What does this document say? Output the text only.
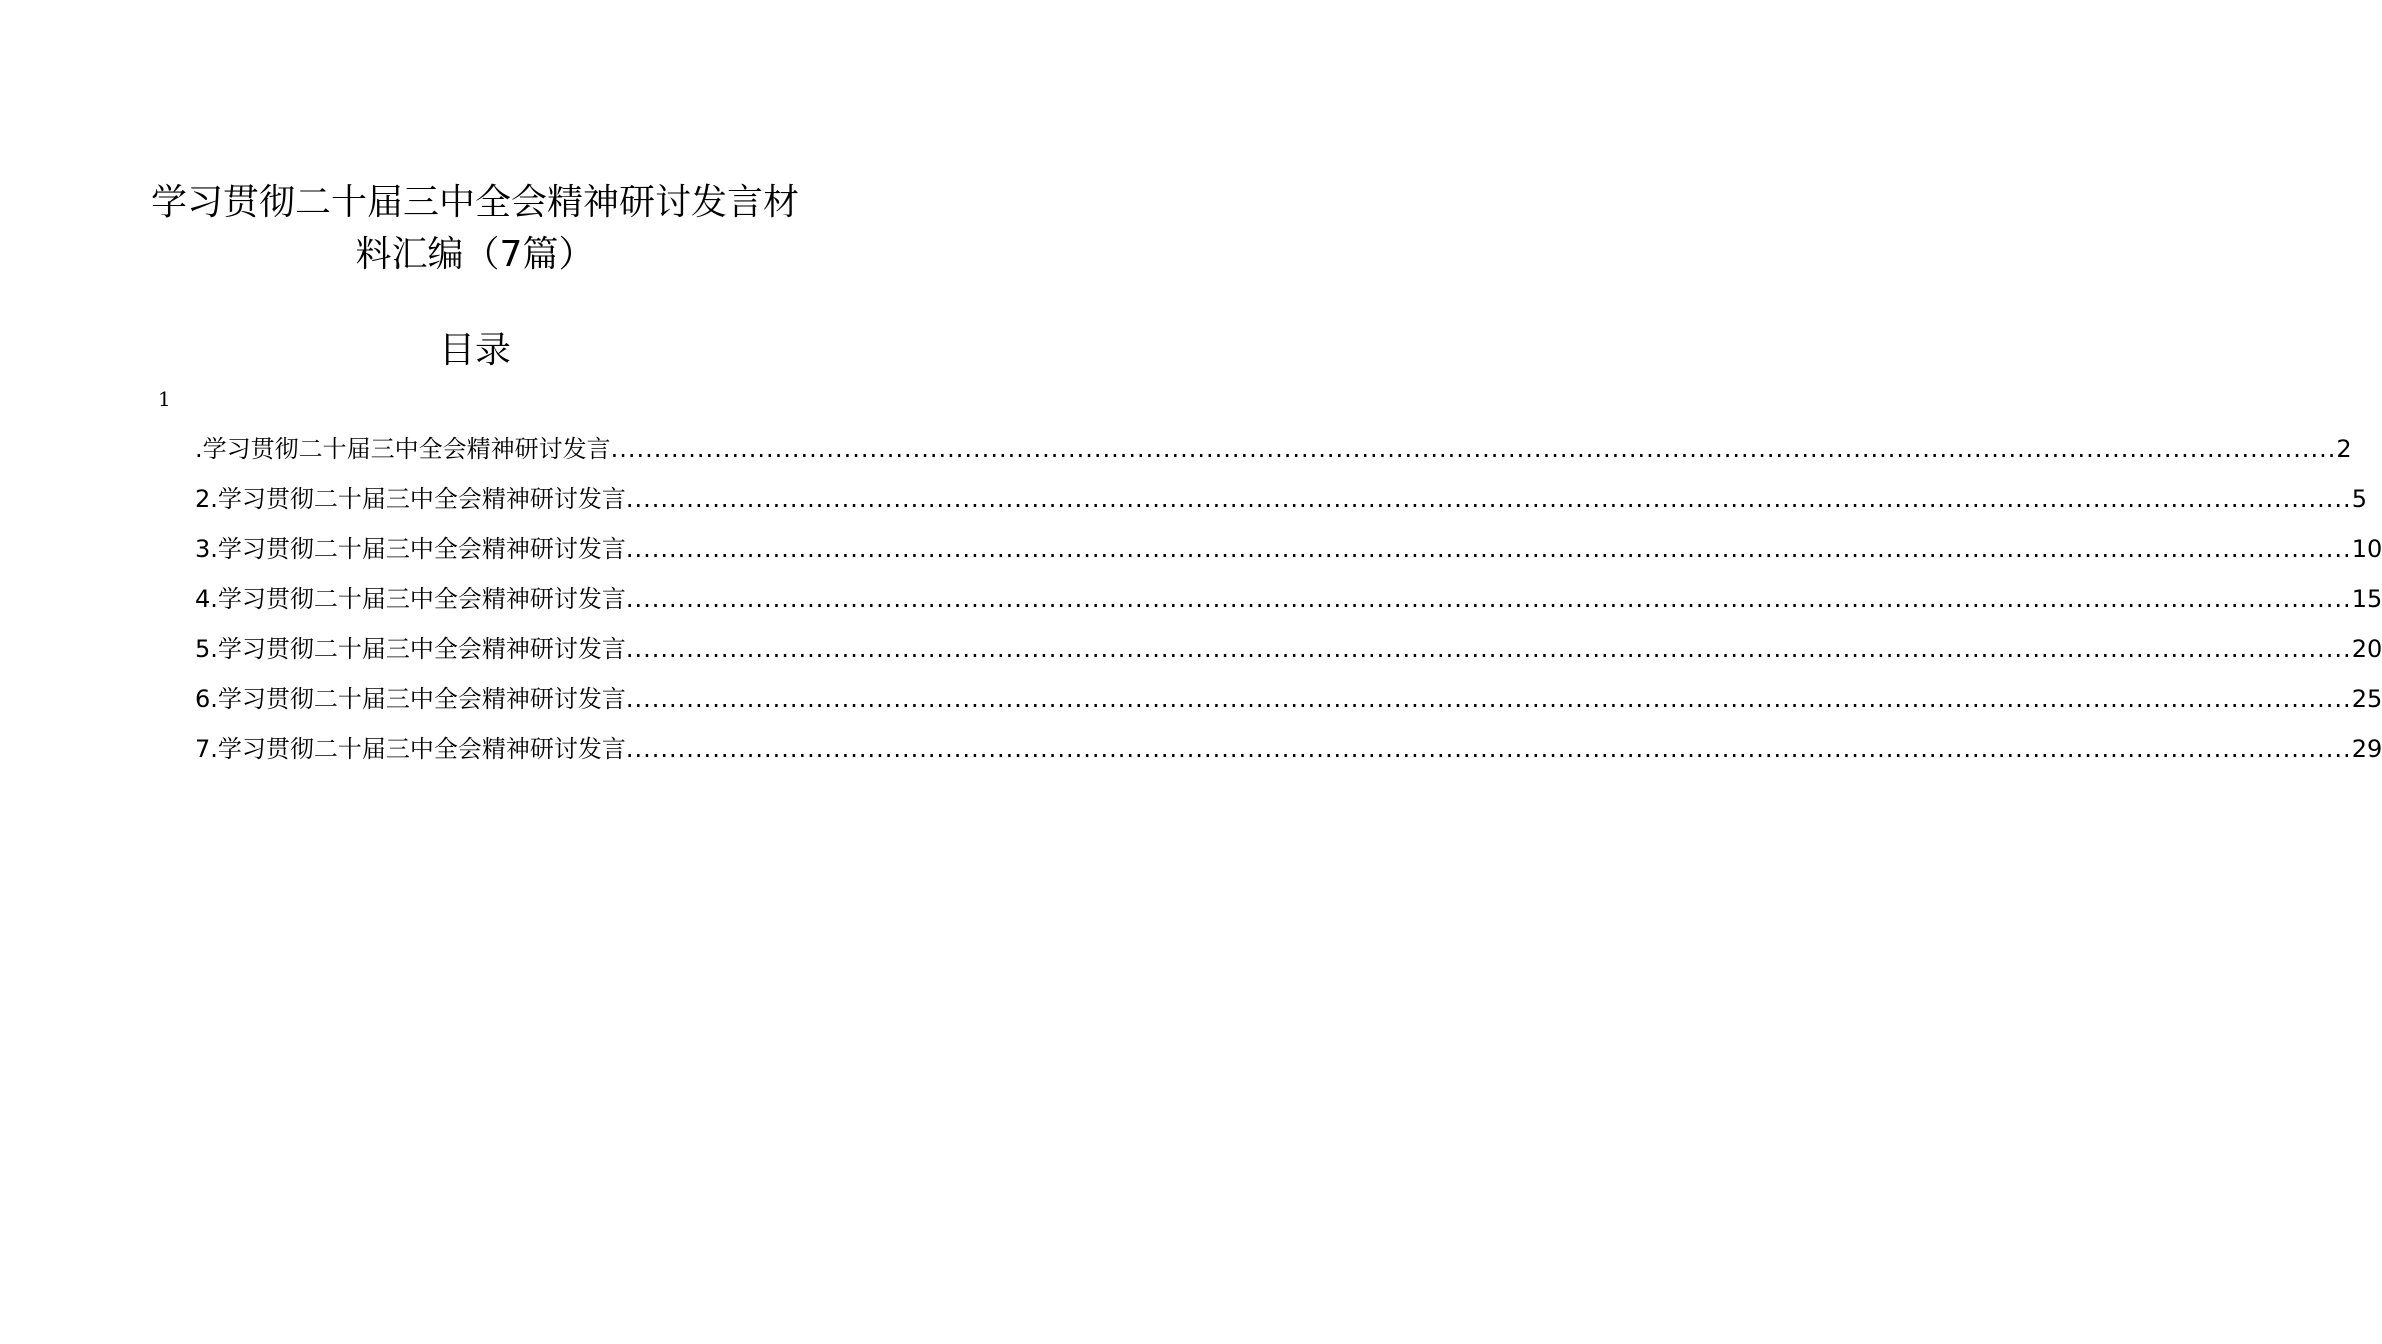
学习贯彻二十届三中全会精神研讨发言材
料汇编（7篇）
目录
1
.学习贯彻二十届三中全会精神研讨发言 ........................................................................................................................................................................................................ 2
2.学习贯彻二十届三中全会精神研讨发言 ........................................................................................................................................................................................................ 5
3.学习贯彻二十届三中全会精神研讨发言 ........................................................................................................................................................................................................ 10
4.学习贯彻二十届三中全会精神研讨发言 ........................................................................................................................................................................................................ 15
5.学习贯彻二十届三中全会精神研讨发言 ........................................................................................................................................................................................................ 20
6.学习贯彻二十届三中全会精神研讨发言 ........................................................................................................................................................................................................ 25
7.学习贯彻二十届三中全会精神研讨发言 ........................................................................................................................................................................................................ 29
